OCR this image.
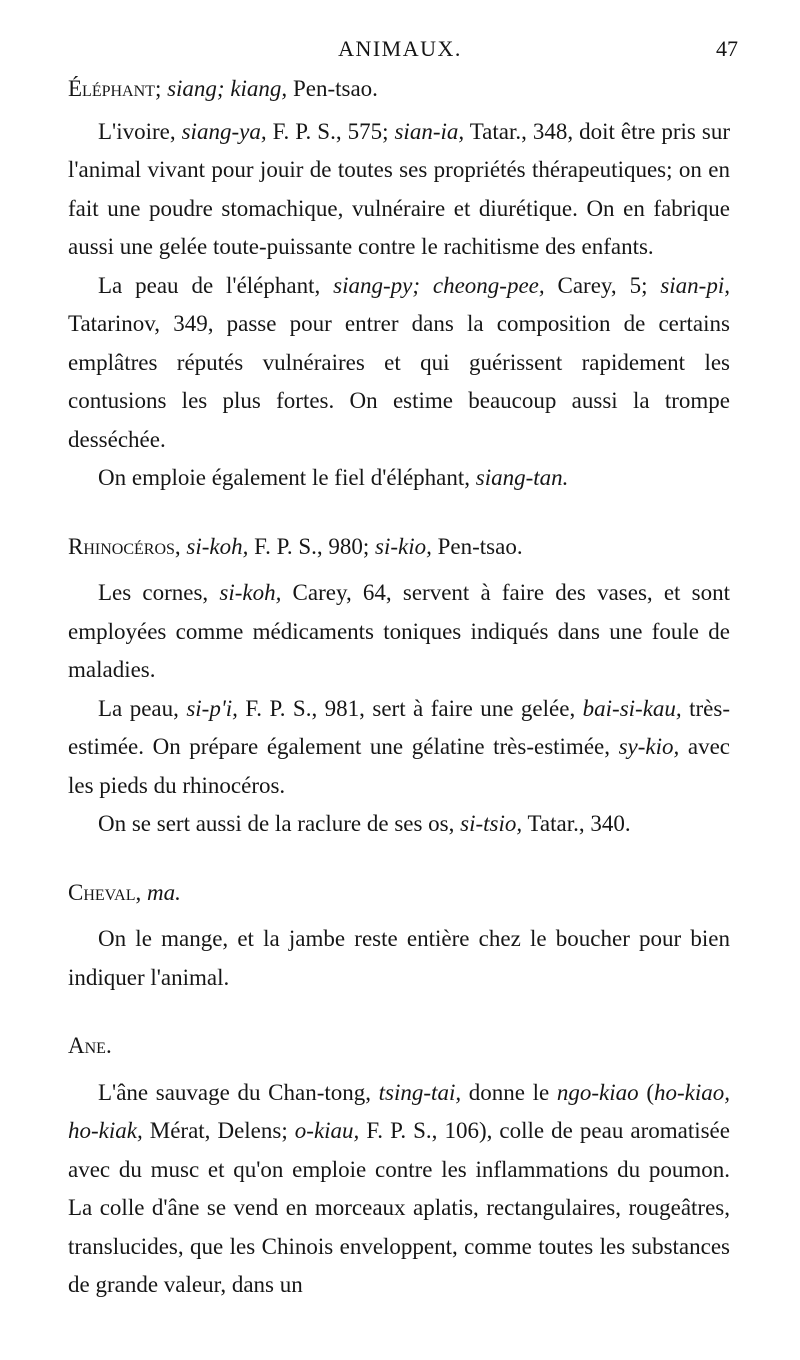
ANIMAUX.	47

Éléphant; siang; kiang, Pen-tsao.

L'ivoire, siang-ya, F. P. S., 575; sian-ia, Tatar., 348, doit être pris sur l'animal vivant pour jouir de toutes ses propriétés thérapeutiques; on en fait une poudre stomachique, vulnéraire et diurétique. On en fabrique aussi une gelée toute-puissante contre le rachitisme des enfants.

La peau de l'éléphant, siang-py; cheong-pee, Carey, 5; sian-pi, Tatarinov, 349, passe pour entrer dans la composition de certains emplâtres réputés vulnéraires et qui guérissent rapidement les contusions les plus fortes. On estime beaucoup aussi la trompe desséchée.

On emploie également le fiel d'éléphant, siang-tan.

Rhinocéros, si-koh, F. P. S., 980; si-kio, Pen-tsao.

Les cornes, si-koh, Carey, 64, servent à faire des vases, et sont employées comme médicaments toniques indiqués dans une foule de maladies.

La peau, si-p'i, F. P. S., 981, sert à faire une gelée, bai-si-kau, très-estimée. On prépare également une gélatine très-estimée, sy-kio, avec les pieds du rhinocéros.

On se sert aussi de la raclure de ses os, si-tsio, Tatar., 340.

Cheval, ma.

On le mange, et la jambe reste entière chez le boucher pour bien indiquer l'animal.

Ane.

L'âne sauvage du Chan-tong, tsing-tai, donne le ngo-kiao (ho-kiao, ho-kiak, Mérat, Delens; o-kiau, F. P. S., 106), colle de peau aromatisée avec du musc et qu'on emploie contre les inflammations du poumon. La colle d'âne se vend en morceaux aplatis, rectangulaires, rougeâtres, translucides, que les Chinois enveloppent, comme toutes les substances de grande valeur, dans un
